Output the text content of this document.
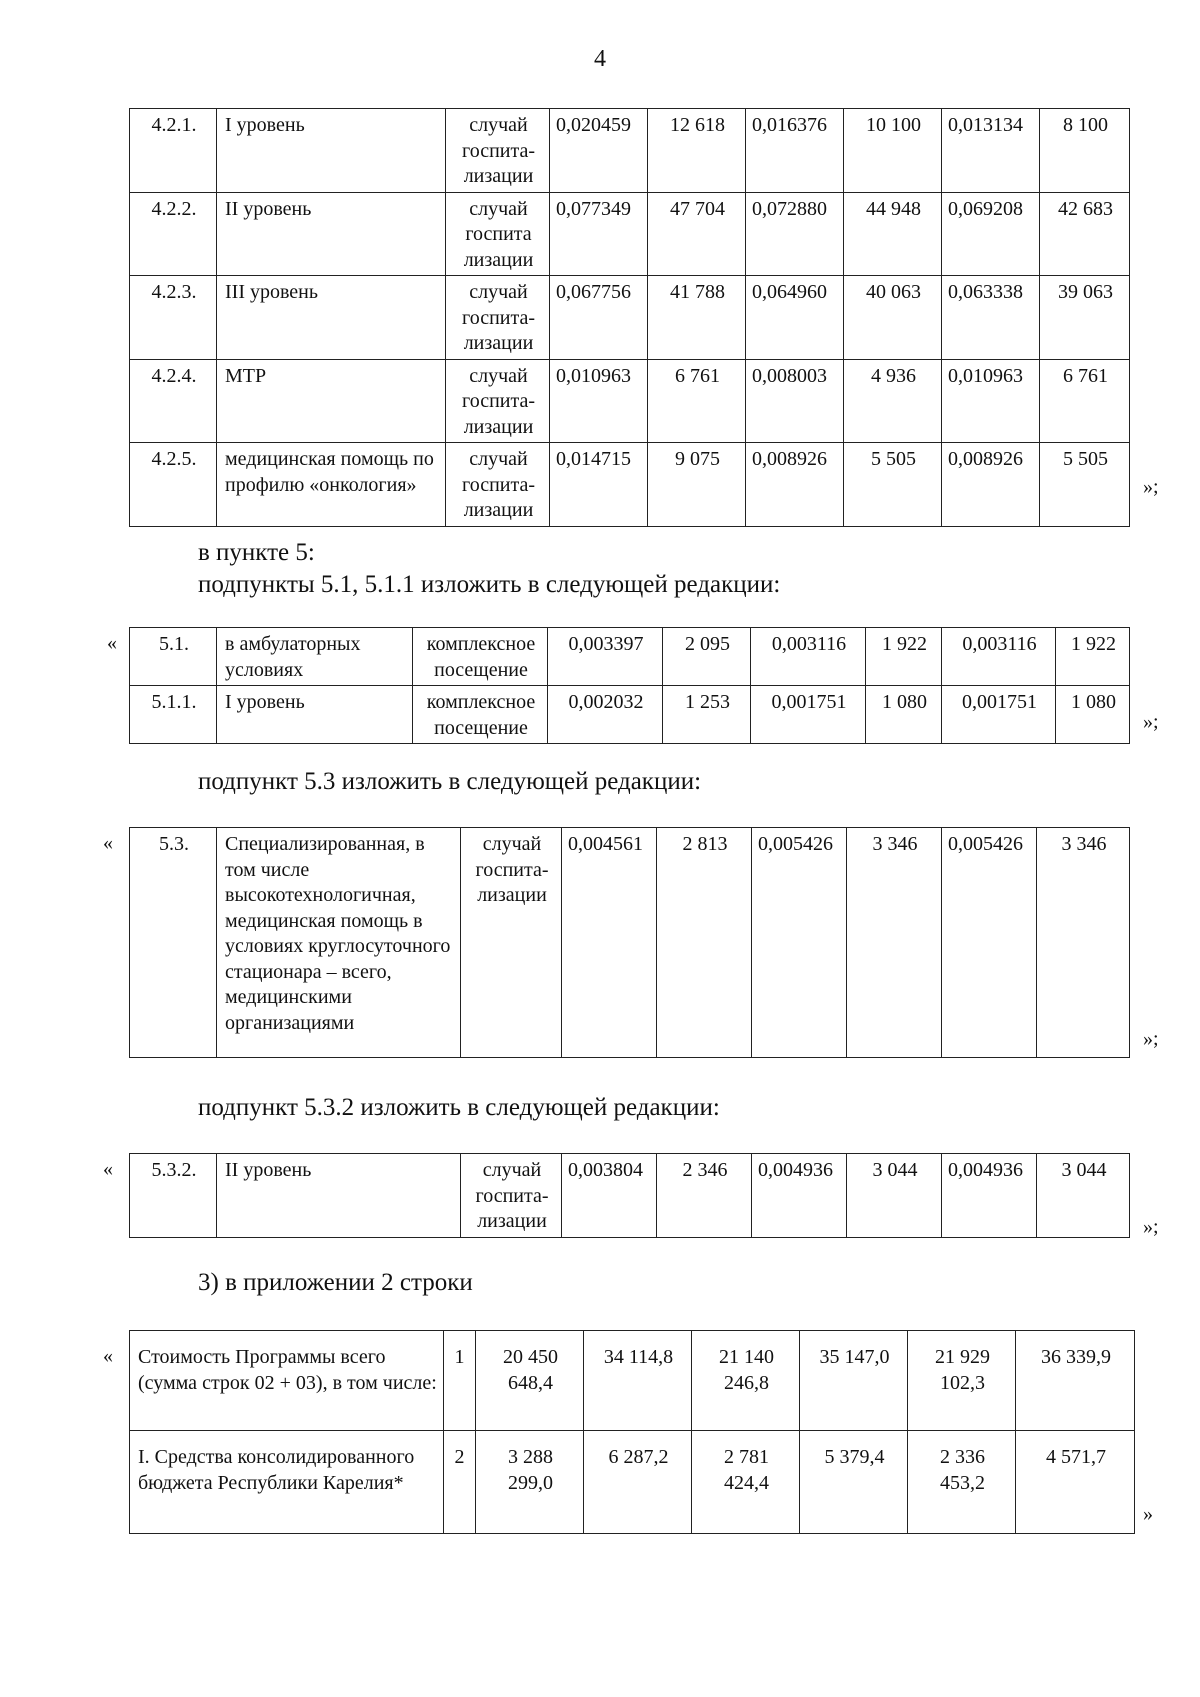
4
4.2.1.	I уровень	случай госпита-лизации	0,020459	12 618	0,016376	10 100	0,013134	8 100
4.2.2.	II уровень	случай госпита лизации	0,077349	47 704	0,072880	44 948	0,069208	42 683
4.2.3.	III уровень	случай госпита-лизации	0,067756	41 788	0,064960	40 063	0,063338	39 063
4.2.4.	МТР	случай госпита-лизации	0,010963	6 761	0,008003	4 936	0,010963	6 761
4.2.5.	медицинская помощь по профилю «онкология»	случай госпита-лизации	0,014715	9 075	0,008926	5 505	0,008926	5 505
»;
в пункте 5:
подпункты 5.1, 5.1.1 изложить в следующей редакции:
« 5.1.	в амбулаторных условиях	комплексное посещение	0,003397	2 095	0,003116	1 922	0,003116	1 922
5.1.1.	I уровень	комплексное посещение	0,002032	1 253	0,001751	1 080	0,001751	1 080
»;
подпункт 5.3 изложить в следующей редакции:
« 5.3.	Специализированная, в том числе высокотехнологичная, медицинская помощь в условиях круглосуточного стационара – всего, медицинскими организациями	случай госпита-лизации	0,004561	2 813	0,005426	3 346	0,005426	3 346
»;
подпункт 5.3.2 изложить в следующей редакции:
« 5.3.2.	II уровень	случай госпита-лизации	0,003804	2 346	0,004936	3 044	0,004936	3 044
»;
3) в приложении 2 строки
« Стоимость Программы всего (сумма строк 02 + 03), в том числе:	1	20 450 648,4	34 114,8	21 140 246,8	35 147,0	21 929 102,3	36 339,9
I. Средства консолидированного бюджета Республики Карелия*	2	3 288 299,0	6 287,2	2 781 424,4	5 379,4	2 336 453,2	4 571,7
»
